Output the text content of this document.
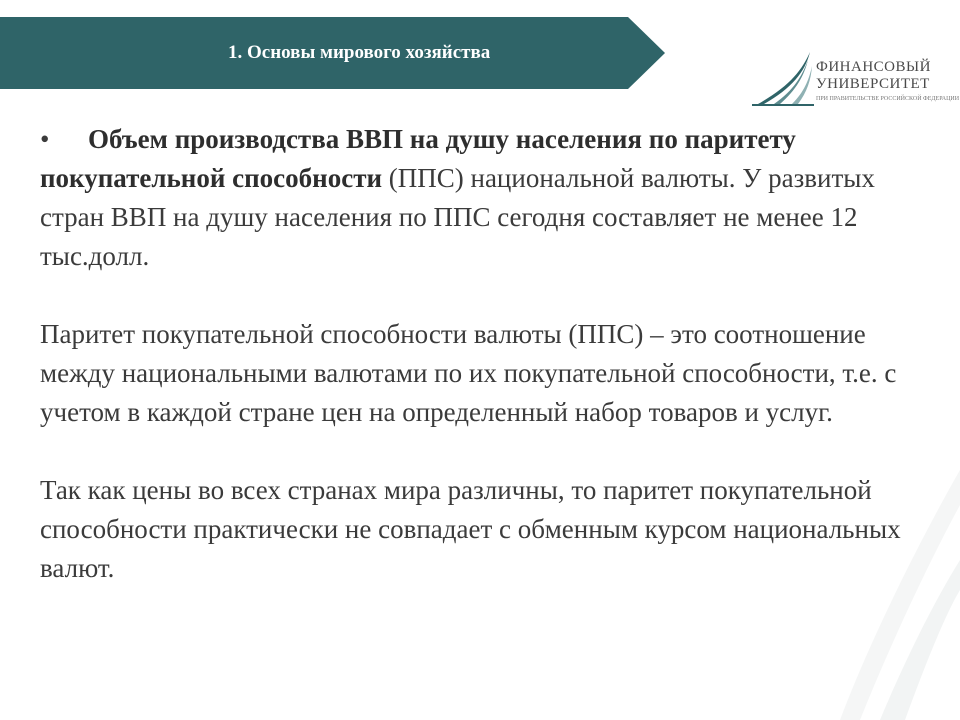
1. Основы мирового хозяйства
ФИНАНСОВЫЙ
УНИВЕРСИТЕТ
ПРИ ПРАВИТЕЛЬСТВЕ РОССИЙСКОЙ ФЕДЕРАЦИИ

• Объем производства ВВП на душу населения по паритету покупательной способности (ППС) национальной валюты. У развитых стран ВВП на душу населения по ППС сегодня составляет не менее 12 тыс.долл.

Паритет покупательной способности валюты (ППС) – это соотношение между национальными валютами по их покупательной способности, т.е. с учетом в каждой стране цен на определенный набор товаров и услуг.

Так как цены во всех странах мира различны, то паритет покупательной способности практически не совпадает с обменным курсом национальных валют.
